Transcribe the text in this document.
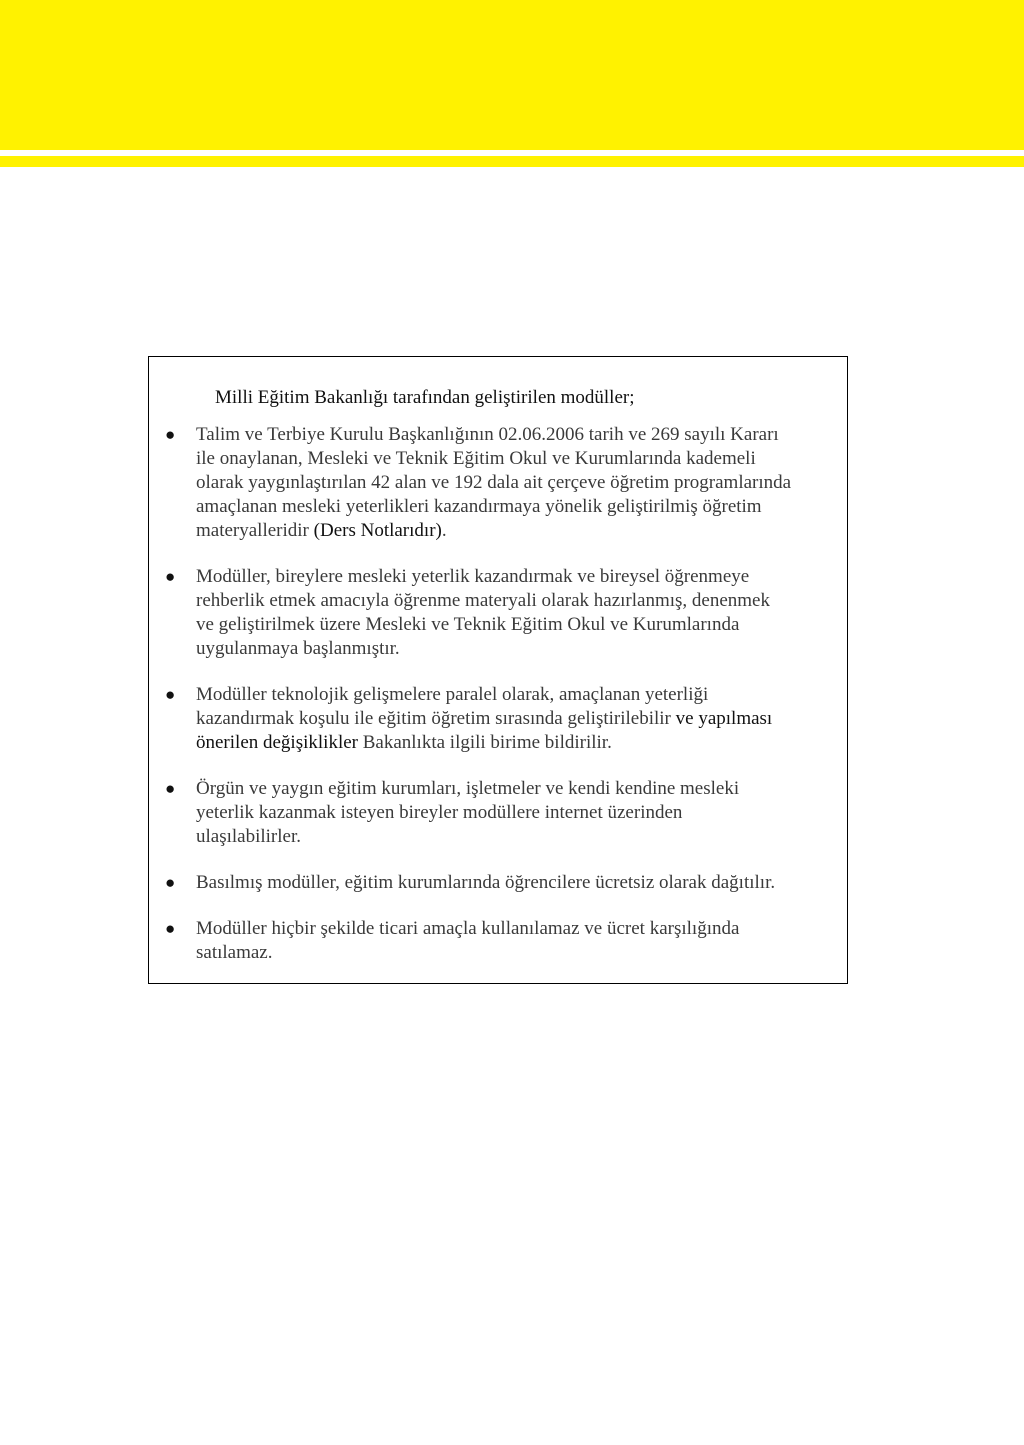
Milli Eğitim Bakanlığı tarafından geliştirilen modüller;

● Talim ve Terbiye Kurulu Başkanlığının 02.06.2006 tarih ve 269 sayılı Kararı
ile onaylanan, Mesleki ve Teknik Eğitim Okul ve Kurumlarında kademeli
olarak yaygınlaştırılan 42 alan ve 192 dala ait çerçeve öğretim programlarında
amaçlanan mesleki yeterlikleri kazandırmaya yönelik geliştirilmiş öğretim
materyalleridir (Ders Notlarıdır).
● Modüller, bireylere mesleki yeterlik kazandırmak ve bireysel öğrenmeye
rehberlik etmek amacıyla öğrenme materyali olarak hazırlanmış, denenmek
ve geliştirilmek üzere Mesleki ve Teknik Eğitim Okul ve Kurumlarında
uygulanmaya başlanmıştır.
● Modüller teknolojik gelişmelere paralel olarak, amaçlanan yeterliği
kazandırmak koşulu ile eğitim öğretim sırasında geliştirilebilir ve yapılması
önerilen değişiklikler Bakanlıkta ilgili birime bildirilir.
● Örgün ve yaygın eğitim kurumları, işletmeler ve kendi kendine mesleki
yeterlik kazanmak isteyen bireyler modüllere internet üzerinden
ulaşılabilirler.
● Basılmış modüller, eğitim kurumlarında öğrencilere ücretsiz olarak dağıtılır.
● Modüller hiçbir şekilde ticari amaçla kullanılamaz ve ücret karşılığında
satılamaz.
